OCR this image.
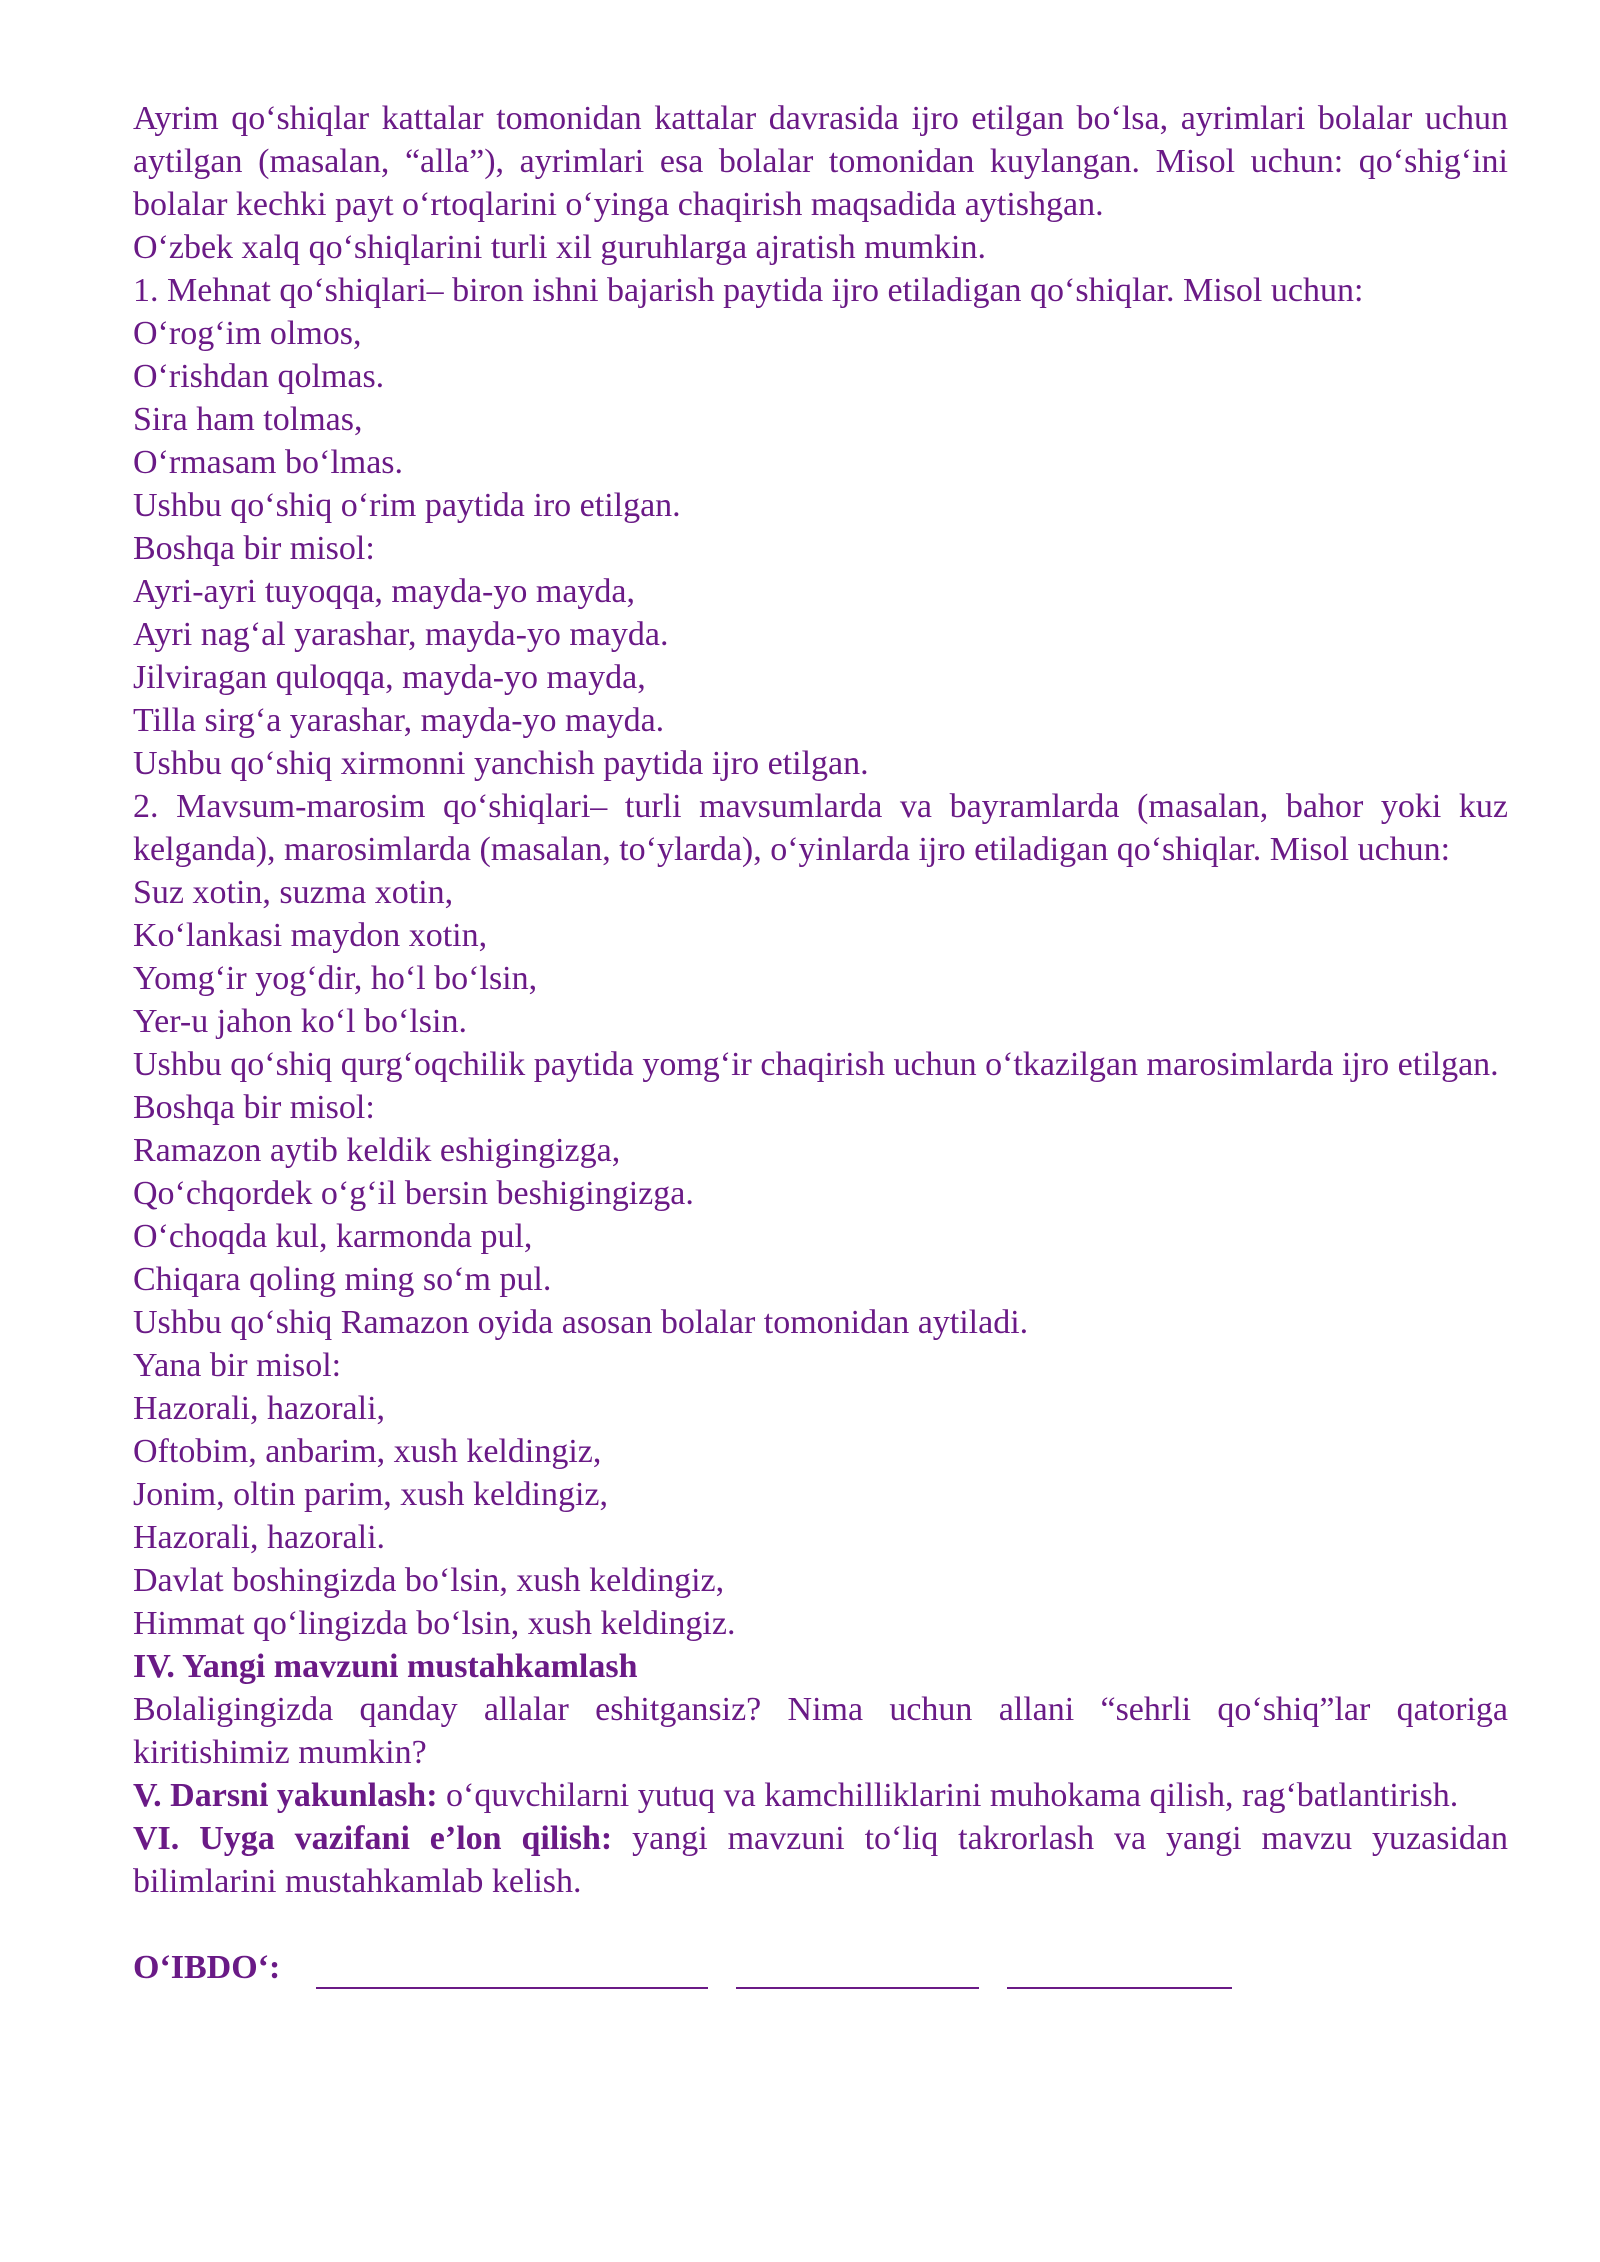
Ayrim qo‘shiqlar kattalar tomonidan kattalar davrasida ijro etilgan bo‘lsa, ayrimlari bolalar uchun aytilgan (masalan, “alla”), ayrimlari esa bolalar tomonidan kuylangan. Misol uchun: qo‘shig‘ini bolalar kechki payt o‘rtoqlarini o‘yinga chaqirish maqsadida aytishgan.
O‘zbek xalq qo‘shiqlarini turli xil guruhlarga ajratish mumkin.
1. Mehnat qo‘shiqlari– biron ishni bajarish paytida ijro etiladigan qo‘shiqlar. Misol uchun:
O‘rog‘im olmos,
O‘rishdan qolmas.
Sira ham tolmas,
O‘rmasam bo‘lmas.
Ushbu qo‘shiq o‘rim paytida iro etilgan.
Boshqa bir misol:
Ayri-ayri tuyoqqa, mayda-yo mayda,
Ayri nag‘al yarashar, mayda-yo mayda.
Jilviragan quloqqa, mayda-yo mayda,
Tilla sirg‘a yarashar, mayda-yo mayda.
Ushbu qo‘shiq xirmonni yanchish paytida ijro etilgan.
2. Mavsum-marosim qo‘shiqlari– turli mavsumlarda va bayramlarda (masalan, bahor yoki kuz kelganda), marosimlarda (masalan, to‘ylarda), o‘yinlarda ijro etiladigan qo‘shiqlar. Misol uchun:
Suz xotin, suzma xotin,
Ko‘lankasi maydon xotin,
Yomg‘ir yog‘dir, ho‘l bo‘lsin,
Yer-u jahon ko‘l bo‘lsin.
Ushbu qo‘shiq qurg‘oqchilik paytida yomg‘ir chaqirish uchun o‘tkazilgan marosimlarda ijro etilgan.
Boshqa bir misol:
Ramazon aytib keldik eshigingizga,
Qo‘chqordek o‘g‘il bersin beshigingizga.
O‘choqda kul, karmonda pul,
Chiqara qoling ming so‘m pul.
Ushbu qo‘shiq Ramazon oyida asosan bolalar tomonidan aytiladi.
Yana bir misol:
Hazorali, hazorali,
Oftobim, anbarim, xush keldingiz,
Jonim, oltin parim, xush keldingiz,
Hazorali, hazorali.
Davlat boshingizda bo‘lsin, xush keldingiz,
Himmat qo‘lingizda bo‘lsin, xush keldingiz.
IV. Yangi mavzuni mustahkamlash
Bolaligingizda qanday allalar eshitgansiz? Nima uchun allani “sehrli qo‘shiq”lar qatoriga kiritishimiz mumkin?
V. Darsni yakunlash: o‘quvchilarni yutuq va kamchilliklarini muhokama qilish, rag‘batlantirish.
VI. Uyga vazifani e’lon qilish: yangi mavzuni to‘liq takrorlash va yangi mavzu yuzasidan bilimlarini mustahkamlab kelish.
O‘IBDO‘:
